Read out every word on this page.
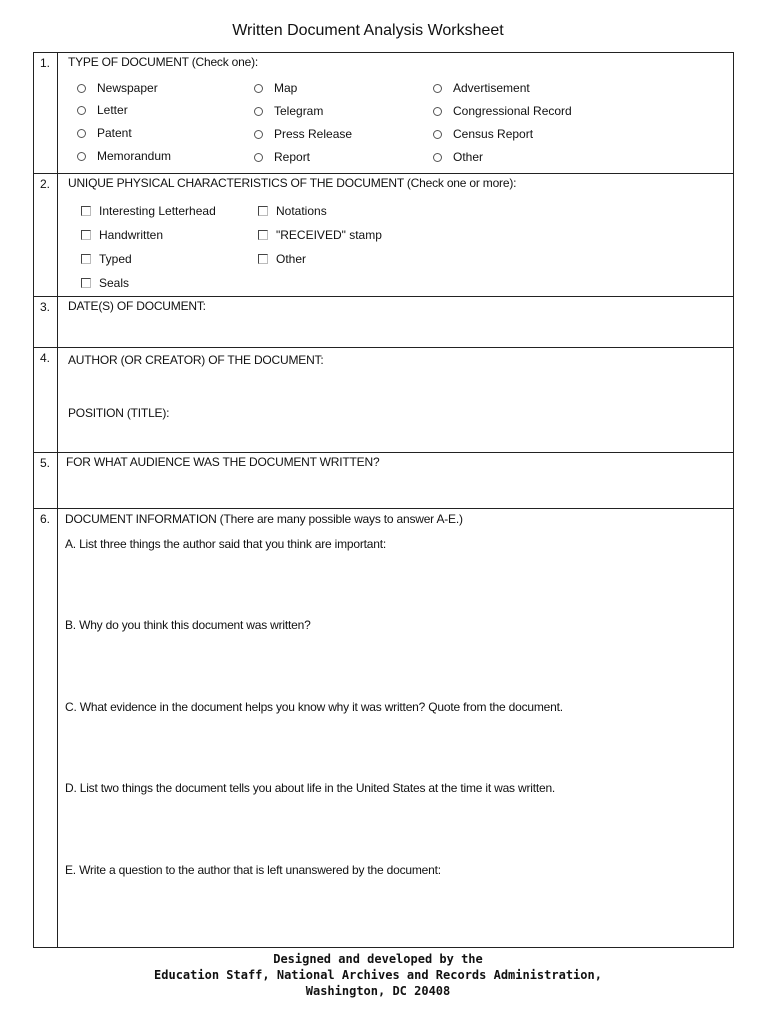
Written Document Analysis Worksheet
1. TYPE OF DOCUMENT (Check one):
Newspaper
Letter
Patent
Memorandum
Map
Telegram
Press Release
Report
Advertisement
Congressional Record
Census Report
Other
2. UNIQUE PHYSICAL CHARACTERISTICS OF THE DOCUMENT (Check one or more):
Interesting Letterhead
Handwritten
Typed
Seals
Notations
"RECEIVED" stamp
Other
3. DATE(S) OF DOCUMENT:
4. AUTHOR (OR CREATOR) OF THE DOCUMENT:
POSITION (TITLE):
5. FOR WHAT AUDIENCE WAS THE DOCUMENT WRITTEN?
6. DOCUMENT INFORMATION (There are many possible ways to answer A-E.)
A. List three things the author said that you think are important:
B. Why do you think this document was written?
C. What evidence in the document helps you know why it was written? Quote from the document.
D. List two things the document tells you about life in the United States at the time it was written.
E. Write a question to the author that is left unanswered by the document:
Designed and developed by the
Education Staff, National Archives and Records Administration,
Washington, DC 20408
